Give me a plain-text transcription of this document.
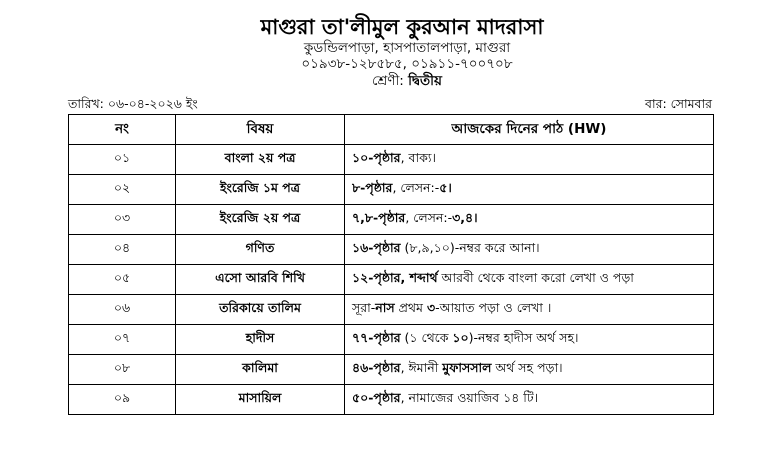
মাগুরা তা'লীমুল কুরআন মাদরাসা
কুডন্ডিলপাড়া, হাসপাতালপাড়া, মাগুরা
০১৯৩৮-১২৮৫৮৫, ০১৯১১-৭০০৭০৮
শ্রেণী: দ্বিতীয়
তারিখ: ০৬-০৪-২০২৬ ইং	বার: সোমবার
নং	বিষয়	আজকের দিনের পাঠ (HW)
০১	বাংলা ২য় পত্র	১০-পৃষ্ঠার, বাক্য।
০২	ইংরেজি ১ম পত্র	৮-পৃষ্ঠার, লেসন:-৫।
০৩	ইংরেজি ২য় পত্র	৭,৮-পৃষ্ঠার, লেসন:-৩,৪।
০৪	গণিত	১৬-পৃষ্ঠার (৮,৯,১০)-নম্বর করে আনা।
০৫	এসো আরবি শিখি	১২-পৃষ্ঠার, শব্দার্থ আরবী থেকে বাংলা করো লেখা ও পড়া
০৬	তরিকায়ে তালিম	সূরা-নাস প্রথম ৩-আয়াত পড়া ও লেখা ।
০৭	হাদীস	৭৭-পৃষ্ঠার (১ থেকে ১০)-নম্বর হাদীস অর্থ সহ।
০৮	কালিমা	৪৬-পৃষ্ঠার, ঈমানী মুফাসসাল অর্থ সহ পড়া।
০৯	মাসায়িল	৫০-পৃষ্ঠার, নামাজের ওয়াজিব ১৪ টি।
